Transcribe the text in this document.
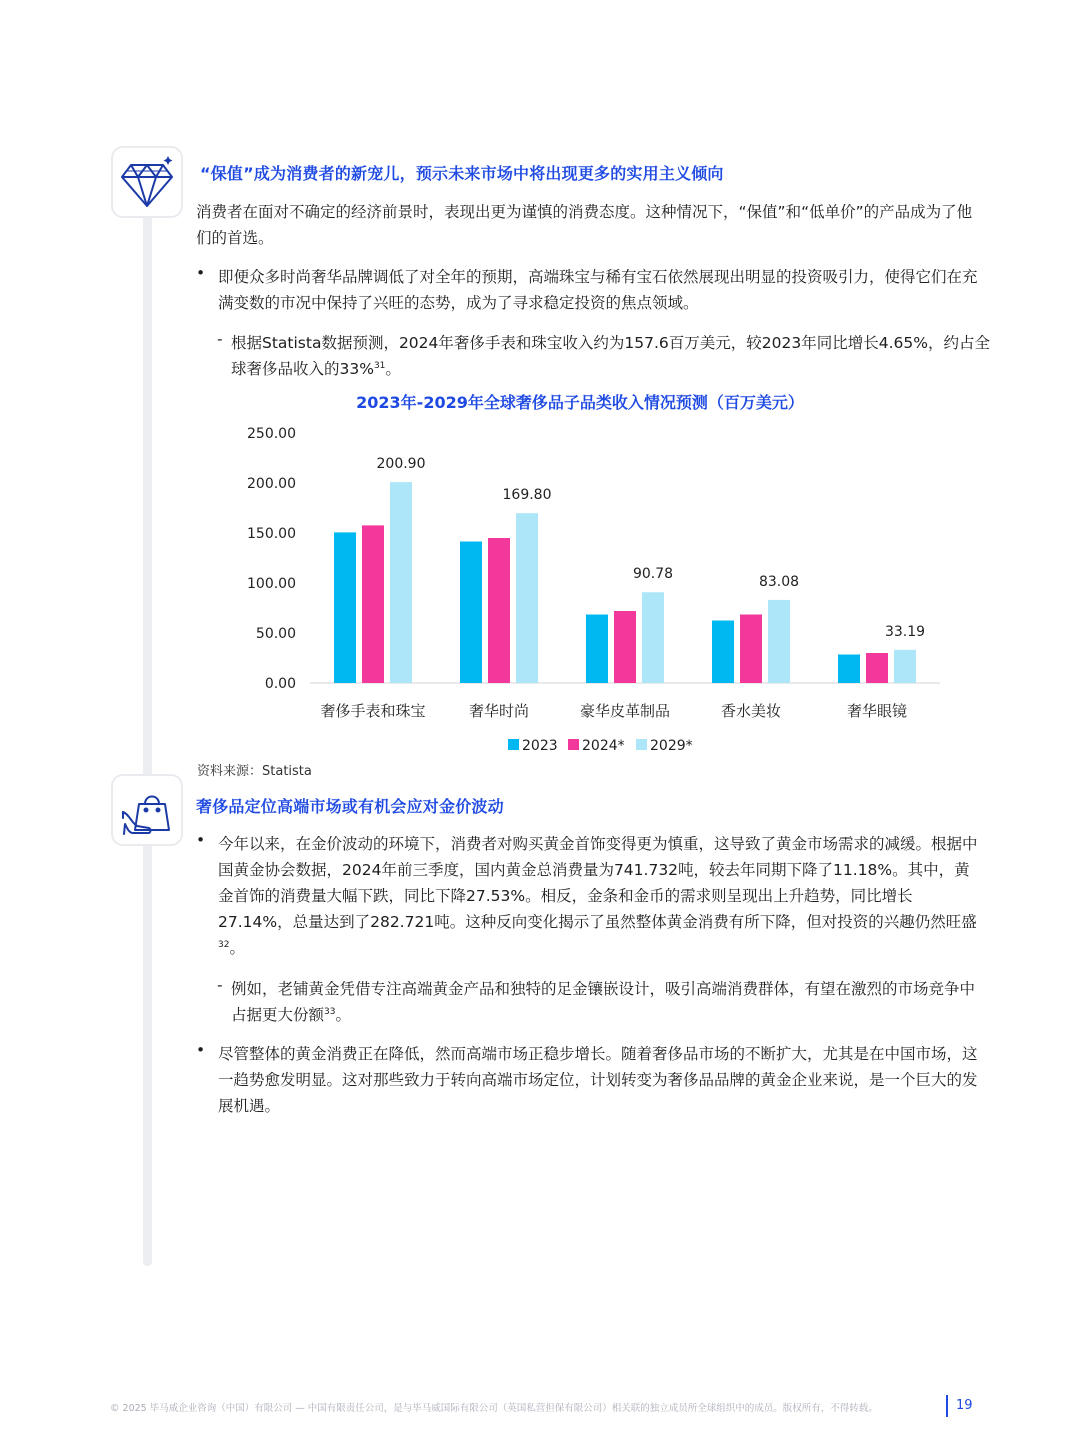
“保值”成为消费者的新宠儿，预示未来市场中将出现更多的实用主义倾向
消费者在面对不确定的经济前景时，表现出更为谨慎的消费态度。这种情况下，“保值”和“低单价”的产品成为了他们的首选。
• 即便众多时尚奢华品牌调低了对全年的预期，高端珠宝与稀有宝石依然展现出明显的投资吸引力，使得它们在充满变数的市况中保持了兴旺的态势，成为了寻求稳定投资的焦点领域。
- 根据Statista数据预测，2024年奢侈手表和珠宝收入约为157.6百万美元，较2023年同比增长4.65%，约占全球奢侈品收入的33%$^{31}$。
2023年-2029年全球奢侈品子品类收入情况预测（百万美元）
0.00
50.00
100.00
150.00
200.00
250.00
200.90
奢侈手表和珠宝
169.80
奢华时尚
90.78
豪华皮革制品
83.08
香水美妆
33.19
奢华眼镜
2023 2024* 2029*
资料来源：Statista
奢侈品定位高端市场或有机会应对金价波动
• 今年以来，在金价波动的环境下，消费者对购买黄金首饰变得更为慎重，这导致了黄金市场需求的减缓。根据中国黄金协会数据，2024年前三季度，国内黄金总消费量为741.732吨，较去年同期下降了11.18%。其中，黄金首饰的消费量大幅下跌，同比下降27.53%。相反，金条和金币的需求则呈现出上升趋势，同比增长27.14%，总量达到了282.721吨。这种反向变化揭示了虽然整体黄金消费有所下降，但对投资的兴趣仍然旺盛$^{32}$。
- 例如，老铺黄金凭借专注高端黄金产品和独特的足金镶嵌设计，吸引高端消费群体，有望在激烈的市场竞争中占据更大份额$^{33}$。
• 尽管整体的黄金消费正在降低，然而高端市场正稳步增长。随着奢侈品市场的不断扩大，尤其是在中国市场，这一趋势愈发明显。这对那些致力于转向高端市场定位，计划转变为奢侈品品牌的黄金企业来说，是一个巨大的发展机遇。
© 2025 毕马威企业咨询（中国）有限公司 — 中国有限责任公司，是与毕马威国际有限公司（英国私营担保有限公司）相关联的独立成员所全球组织中的成员。版权所有，不得转载。	19
